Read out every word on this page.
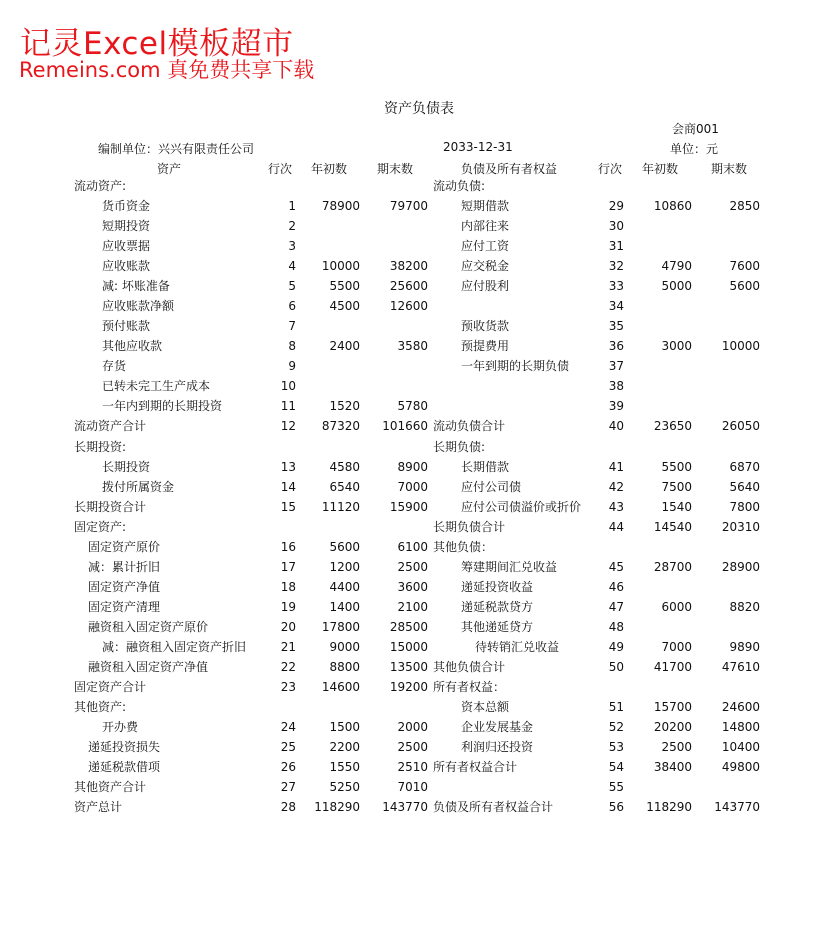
记灵Excel模板超市
Remeins.com 真免费共享下载
资产负债表
会商001
编制单位：兴兴有限责任公司	2033-12-31	单位：元
资产	行次 年初数 期末数	负债及所有者权益	行次 年初数	期末数
流动资产:	流动负债:
货币资金	1	78900	79700	短期借款	29	10860	2850
短期投资	2	内部往来	30
应收票据	3	应付工资	31
应收账款	4	10000	38200	应交税金	32	4790	7600
减: 坏账准备	5	5500	25600	应付股利	33	5000	5600
应收账款净额	6	4500	12600	34
预付账款	7	预收货款	35
其他应收款	8	2400	3580	预提费用	36	3000	10000
存货	9	一年到期的长期负债	37
已转未完工生产成本	10	38
一年内到期的长期投资	11	1520	5780	39
流动资产合计	12	87320	101660 流动负债合计	40	23650	26050
长期投资:	长期负债:
长期投资	13	4580	8900	长期借款	41	5500	6870
拨付所属资金	14	6540	7000	应付公司债	42	7500	5640
长期投资合计	15	11120	15900	应付公司债溢价或折价	43	1540	7800
固定资产:	长期负债合计	44	14540	20310
固定资产原价	16	5600	6100 其他负债：
减：累计折旧	17	1200	2500	筹建期间汇兑收益	45	28700	28900
固定资产净值	18	4400	3600	递延投资收益	46
固定资产清理	19	1400	2100	递延税款贷方	47	6000	8820
融资租入固定资产原价	20	17800	28500	其他递延贷方	48
减：融资租入固定资产折旧	21	9000	15000	待转销汇兑收益	49	7000	9890
融资租入固定资产净值	22	8800	13500 其他负债合计	50	41700	47610
固定资产合计	23	14600	19200 所有者权益：
其他资产:	资本总额	51	15700	24600
开办费	24	1500	2000	企业发展基金	52	20200	14800
递延投资损失	25	2200	2500	利润归还投资	53	2500	10400
递延税款借项	26	1550	2510 所有者权益合计	54	38400	49800
其他资产合计	27	5250	7010	55
资产总计	28	118290	143770 负债及所有者权益合计	56	118290	143770
